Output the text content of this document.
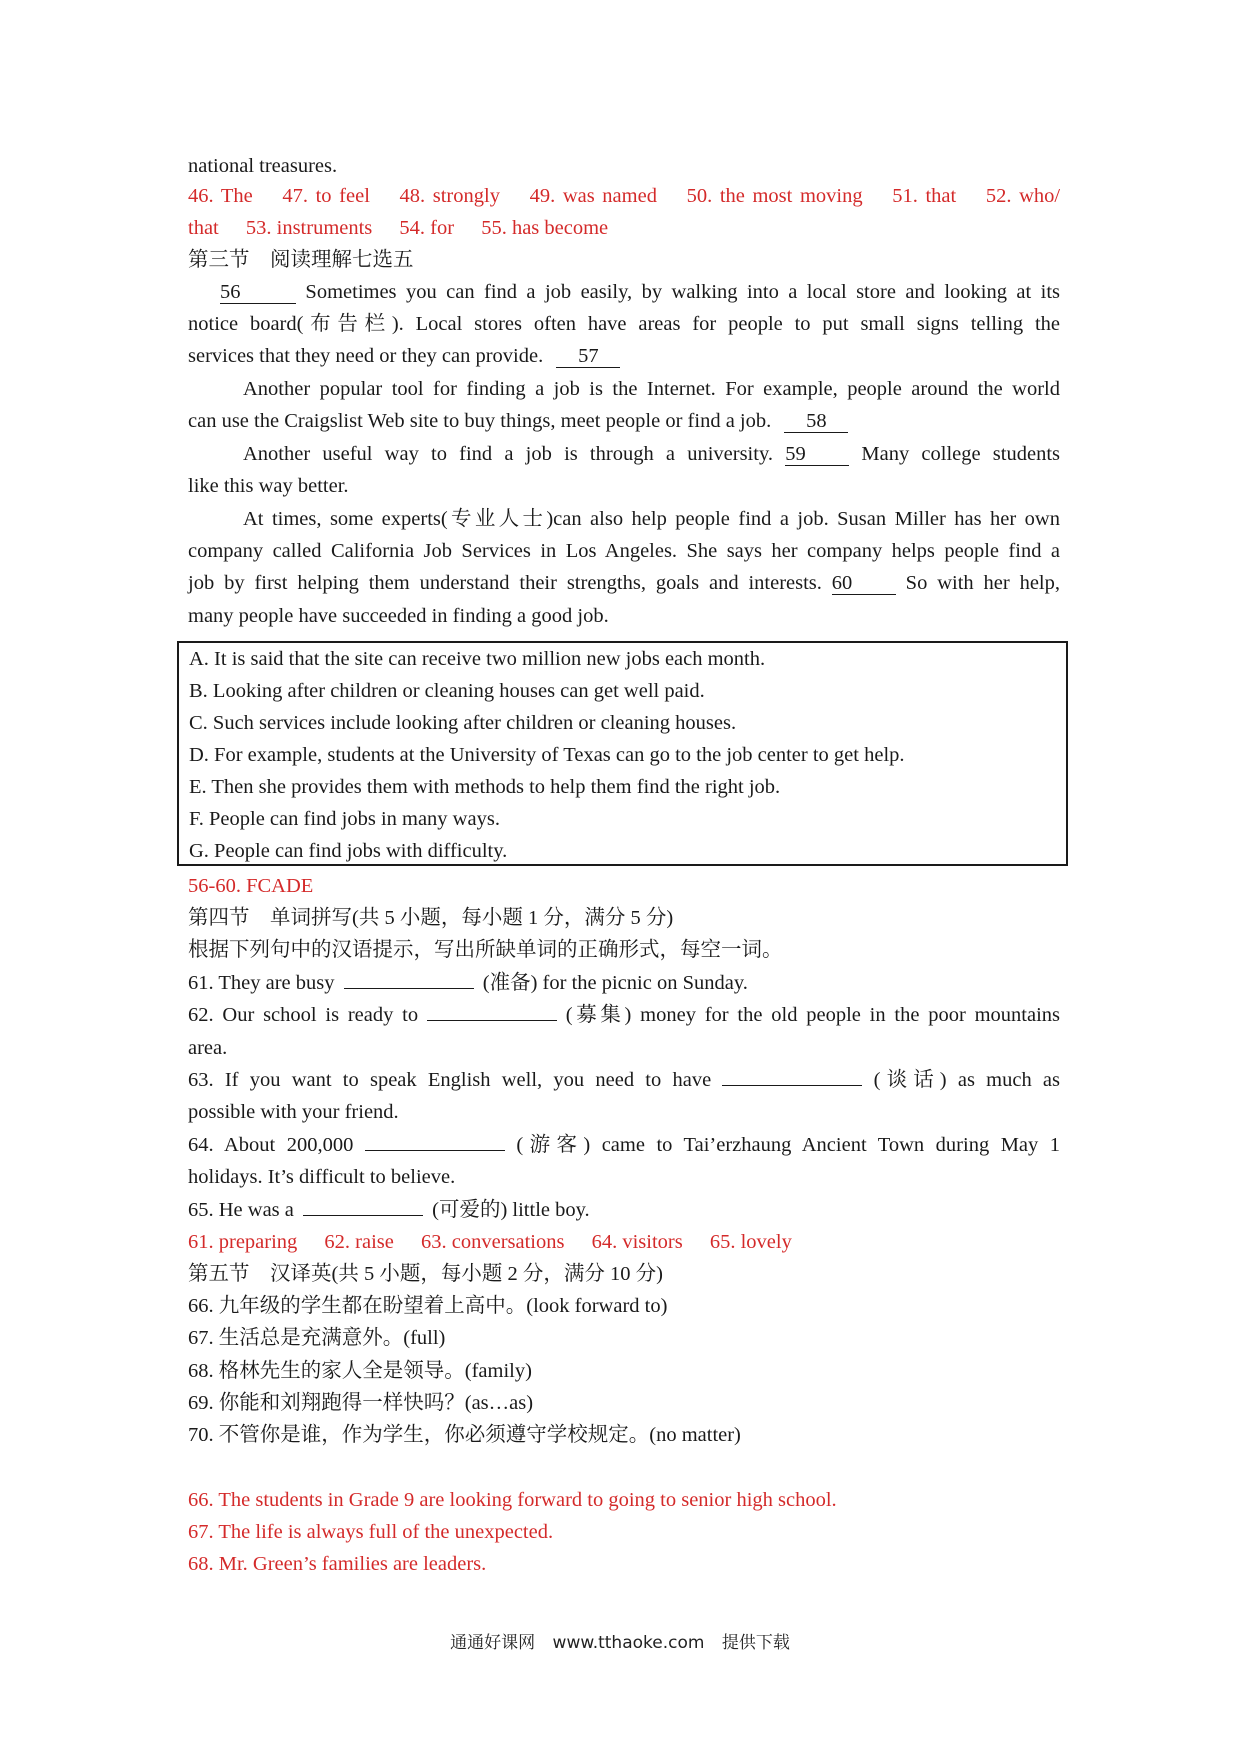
national treasures.
46. The 47. to feel 48. strongly 49. was named 50. the most moving 51. that 52. who/
that 53. instruments 54. for 55. has become
第三节　阅读理解七选五
56	Sometimes you can find a job easily, by walking into a local store and looking at its
notice board(布告栏). Local stores often have areas for people to put small signs telling the
services that they need or they can provide. 57
Another popular tool for finding a job is the Internet. For example, people around the world
can use the Craigslist Web site to buy things, meet people or find a job. 58
Another useful way to find a job is through a university. 59	Many college students
like this way better.
At times, some experts(专业人士)can also help people find a job. Susan Miller has her own
company called California Job Services in Los Angeles. She says her company helps people find a
job by first helping them understand their strengths, goals and interests. 60	So with her help,
many people have succeeded in finding a good job.
A. It is said that the site can receive two million new jobs each month.
B. Looking after children or cleaning houses can get well paid.
C. Such services include looking after children or cleaning houses.
D. For example, students at the University of Texas can go to the job center to get help.
E. Then she provides them with methods to help them find the right job.
F. People can find jobs in many ways.
G. People can find jobs with difficulty.
56-60. FCADE
第四节　单词拼写(共 5 小题，每小题 1 分，满分 5 分)
根据下列句中的汉语提示，写出所缺单词的正确形式，每空一词。
61. They are busy	(准备) for the picnic on Sunday.
62. Our school is ready to	(募集) money for the old people in the poor mountains
area.
63. If you want to speak English well, you need to have	(谈话) as much as
possible with your friend.
64. About 200,000	(游客) came to Tai’erzhaung Ancient Town during May 1
holidays. It’s difficult to believe.
65. He was a	(可爱的) little boy.
61. preparing 62. raise 63. conversations 64. visitors 65. lovely
第五节　汉译英(共 5 小题，每小题 2 分，满分 10 分)
66. 九年级的学生都在盼望着上高中。(look forward to)
67. 生活总是充满意外。(full)
68. 格林先生的家人全是领导。(family)
69. 你能和刘翔跑得一样快吗？(as…as)
70. 不管你是谁，作为学生，你必须遵守学校规定。(no matter)
66. The students in Grade 9 are looking forward to going to senior high school.
67. The life is always full of the unexpected.
68. Mr. Green’s families are leaders.
通通好课网 www.tthaoke.com 提供下载
